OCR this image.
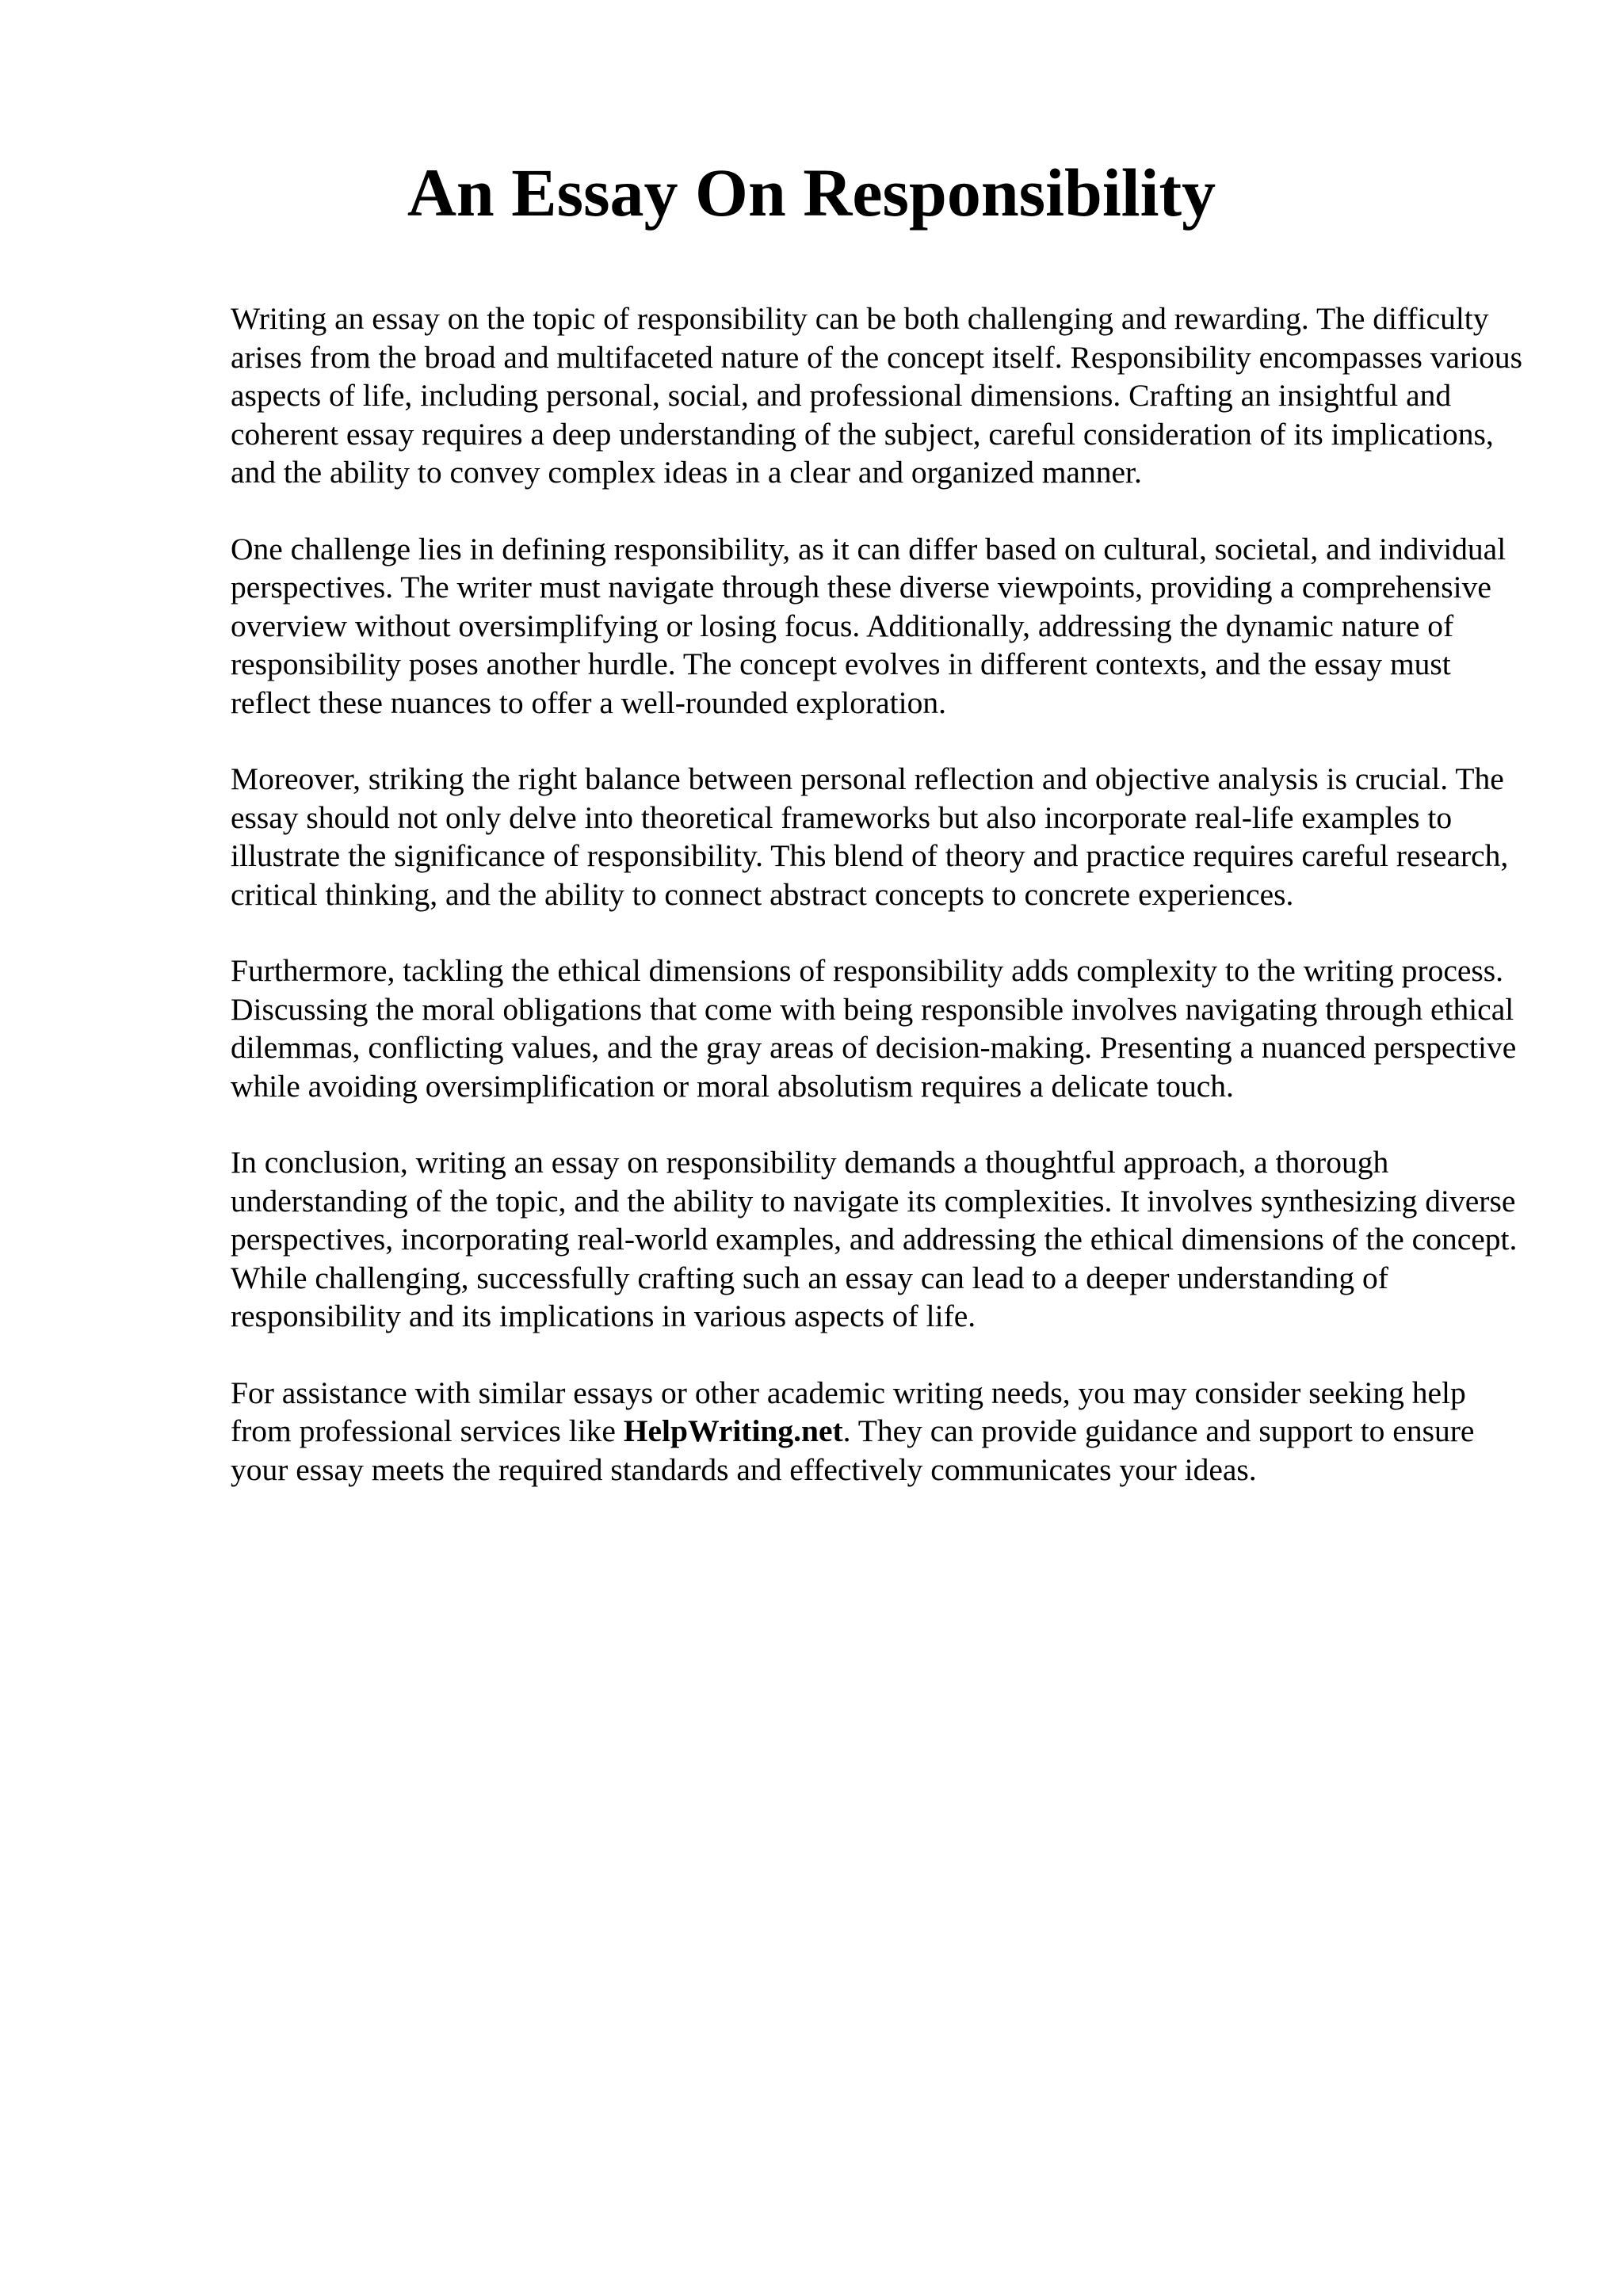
An Essay On Responsibility

Writing an essay on the topic of responsibility can be both challenging and rewarding. The difficulty arises from the broad and multifaceted nature of the concept itself. Responsibility encompasses various aspects of life, including personal, social, and professional dimensions. Crafting an insightful and coherent essay requires a deep understanding of the subject, careful consideration of its implications, and the ability to convey complex ideas in a clear and organized manner.

One challenge lies in defining responsibility, as it can differ based on cultural, societal, and individual perspectives. The writer must navigate through these diverse viewpoints, providing a comprehensive overview without oversimplifying or losing focus. Additionally, addressing the dynamic nature of responsibility poses another hurdle. The concept evolves in different contexts, and the essay must reflect these nuances to offer a well-rounded exploration.

Moreover, striking the right balance between personal reflection and objective analysis is crucial. The essay should not only delve into theoretical frameworks but also incorporate real-life examples to illustrate the significance of responsibility. This blend of theory and practice requires careful research, critical thinking, and the ability to connect abstract concepts to concrete experiences.

Furthermore, tackling the ethical dimensions of responsibility adds complexity to the writing process. Discussing the moral obligations that come with being responsible involves navigating through ethical dilemmas, conflicting values, and the gray areas of decision-making. Presenting a nuanced perspective while avoiding oversimplification or moral absolutism requires a delicate touch.

In conclusion, writing an essay on responsibility demands a thoughtful approach, a thorough understanding of the topic, and the ability to navigate its complexities. It involves synthesizing diverse perspectives, incorporating real-world examples, and addressing the ethical dimensions of the concept. While challenging, successfully crafting such an essay can lead to a deeper understanding of responsibility and its implications in various aspects of life.

For assistance with similar essays or other academic writing needs, you may consider seeking help from professional services like HelpWriting.net. They can provide guidance and support to ensure your essay meets the required standards and effectively communicates your ideas.
